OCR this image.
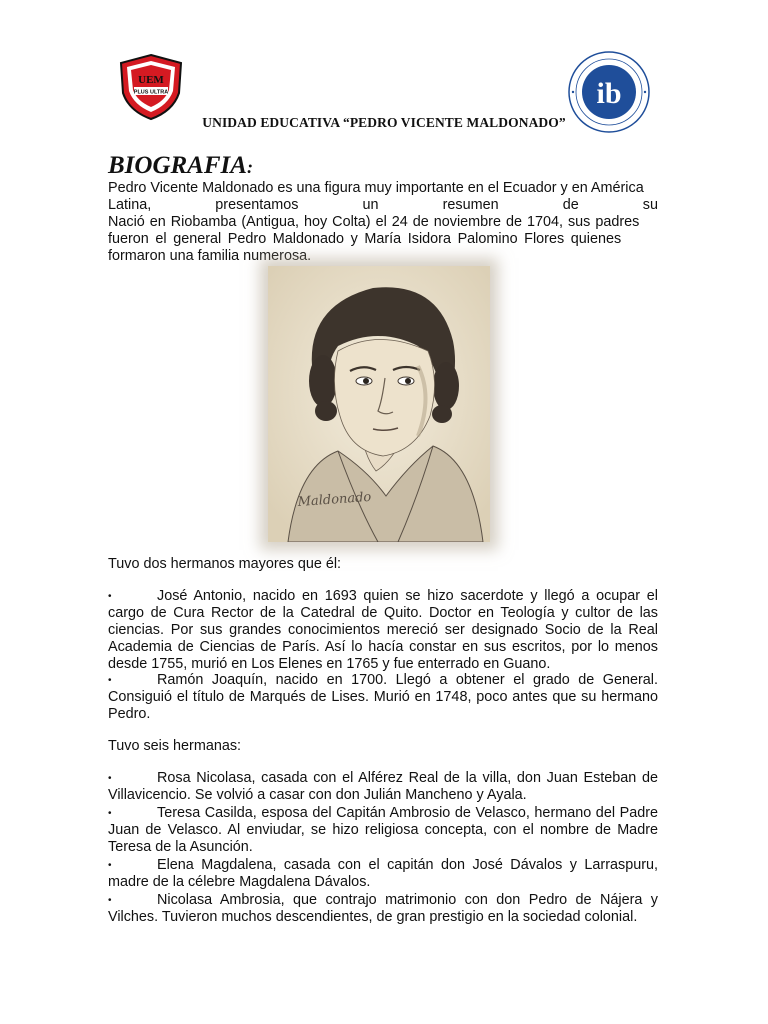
UEM
PLUS ULTRA	ib
UNIDAD EDUCATIVA “PEDRO VICENTE MALDONADO”
BIOGRAFIA:
Pedro Vicente Maldonado es una figura muy importante en el Ecuador y en América
Latina,	presentamos	un	resumen	de	su
Nació en Riobamba (Antigua, hoy Colta) el 24 de noviembre de 1704, sus padres
fueron el general Pedro Maldonado y María Isidora Palomino Flores quienes
formaron una familia numerosa.
Maldonado
Tuvo dos hermanos mayores que él:
•	José Antonio, nacido en 1693 quien se hizo sacerdote y llegó a ocupar el cargo de Cura Rector de la Catedral de Quito. Doctor en Teología y cultor de las ciencias. Por sus grandes conocimientos mereció ser designado Socio de la Real Academia de Ciencias de París. Así lo hacía constar en sus escritos, por lo menos desde 1755, murió en Los Elenes en 1765 y fue enterrado en Guano.
•	Ramón Joaquín, nacido en 1700. Llegó a obtener el grado de General. Consiguió el título de Marqués de Lises. Murió en 1748, poco antes que su hermano Pedro.
Tuvo seis hermanas:
•	Rosa Nicolasa, casada con el Alférez Real de la villa, don Juan Esteban de Villavicencio. Se volvió a casar con don Julián Mancheno y Ayala.
•	Teresa Casilda, esposa del Capitán Ambrosio de Velasco, hermano del Padre Juan de Velasco. Al enviudar, se hizo religiosa concepta, con el nombre de Madre Teresa de la Asunción.
•	Elena Magdalena, casada con el capitán don José Dávalos y Larraspuru, madre de la célebre Magdalena Dávalos.
•	Nicolasa Ambrosia, que contrajo matrimonio con don Pedro de Nájera y Vilches. Tuvieron muchos descendientes, de gran prestigio en la sociedad colonial.
